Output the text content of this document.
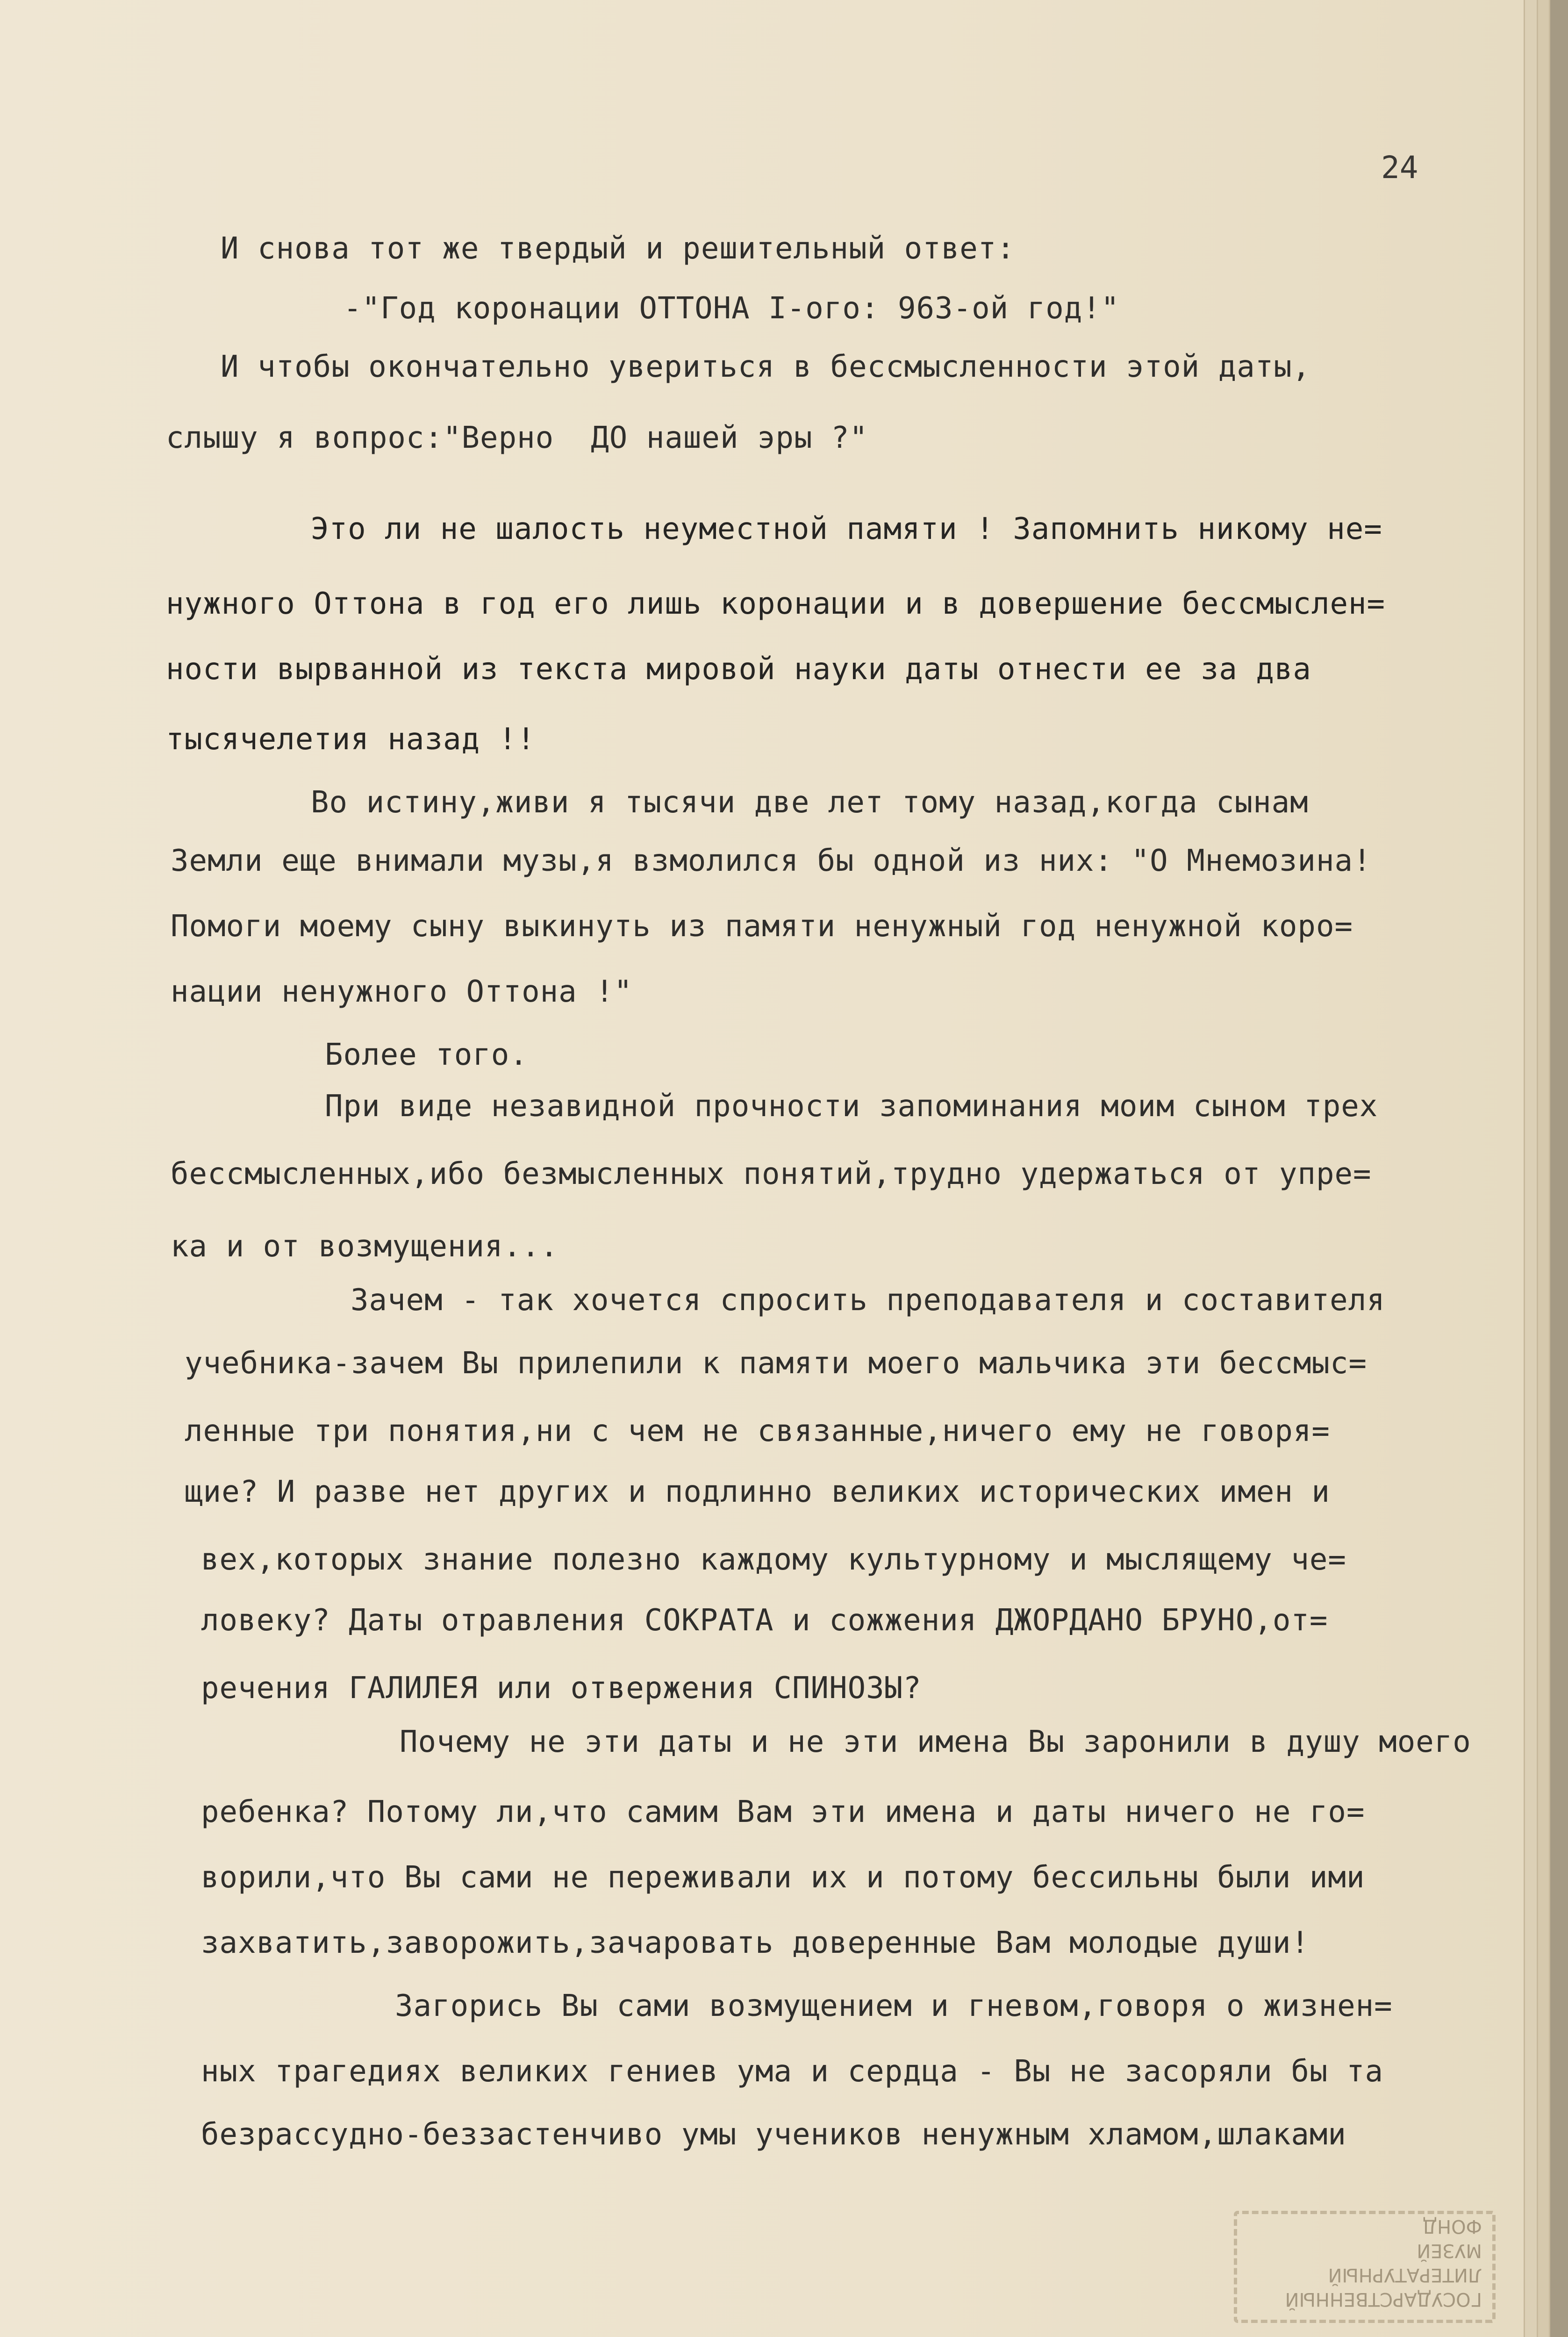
24
И снова тот же твердый и решительный ответ:
-"Год коронации ОТТОНА I-ого: 963-ой год!"
И чтобы окончательно увериться в бессмысленности этой даты,
слышу я вопрос:"Верно  ДО нашей эры ?"
Это ли не шалость неуместной памяти ! Запомнить никому не=
нужного Оттона в год его лишь коронации и в довершение бессмыслен=
ности вырванной из текста мировой науки даты отнести ее за два
тысячелетия назад !!
Во истину,живи я тысячи две лет тому назад,когда сынам
Земли еще внимали музы,я взмолился бы одной из них: "О Мнемозина!
Помоги моему сыну выкинуть из памяти ненужный год ненужной коро=
нации ненужного Оттона !"
Более того.
При виде незавидной прочности запоминания моим сыном трех
бессмысленных,ибо безмысленных понятий,трудно удержаться от упре=
ка и от возмущения...
Зачем - так хочется спросить преподавателя и составителя
учебника-зачем Вы прилепили к памяти моего мальчика эти бессмыс=
ленные три понятия,ни с чем не связанные,ничего ему не говоря=
щие? И разве нет других и подлинно великих исторических имен и
вех,которых знание полезно каждому культурному и мыслящему че=
ловеку? Даты отравления СОКРАТА и сожжения ДЖОРДАНО БРУНО,от=
речения ГАЛИЛЕЯ или отвержения СПИНОЗЫ?
Почему не эти даты и не эти имена Вы заронили в душу моего
ребенка? Потому ли,что самим Вам эти имена и даты ничего не го=
ворили,что Вы сами не переживали их и потому бессильны были ими
захватить,заворожить,зачаровать доверенные Вам молодые души!
Загорись Вы сами возмущением и гневом,говоря о жизнен=
ных трагедиях великих гениев ума и сердца - Вы не засоряли бы та
безрассудно-беззастенчиво умы учеников ненужным хламом,шлаками
ГОСУДАРСТВЕННЫЙ
ЛИТЕРАТУРНЫЙ
МУЗЕЙ
ФОНД
